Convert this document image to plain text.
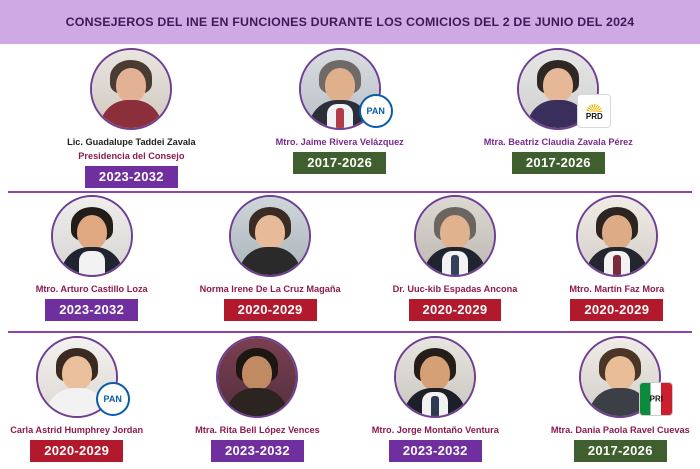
CONSEJEROS DEL INE EN FUNCIONES DURANTE LOS COMICIOS DEL 2 DE JUNIO DEL 2024
Lic. Guadalupe Taddei Zavala
Presidencia del Consejo
2023-2032
PAN
Mtro. Jaime Rivera Velázquez
2017-2026
PRD
Mtra. Beatriz Claudia Zavala Pérez
2017-2026
Mtro. Arturo Castillo Loza
2023-2032
Norma Irene De La Cruz Magaña
2020-2029
Dr. Uuc-kib Espadas Ancona
2020-2029
Mtro. Martín Faz Mora
2020-2029
PAN
Carla Astrid Humphrey Jordan
2020-2029
Mtra. Rita Bell López Vences
2023-2032
Mtro. Jorge Montaño Ventura
2023-2032
PRI
Mtra. Dania Paola Ravel Cuevas
2017-2026
